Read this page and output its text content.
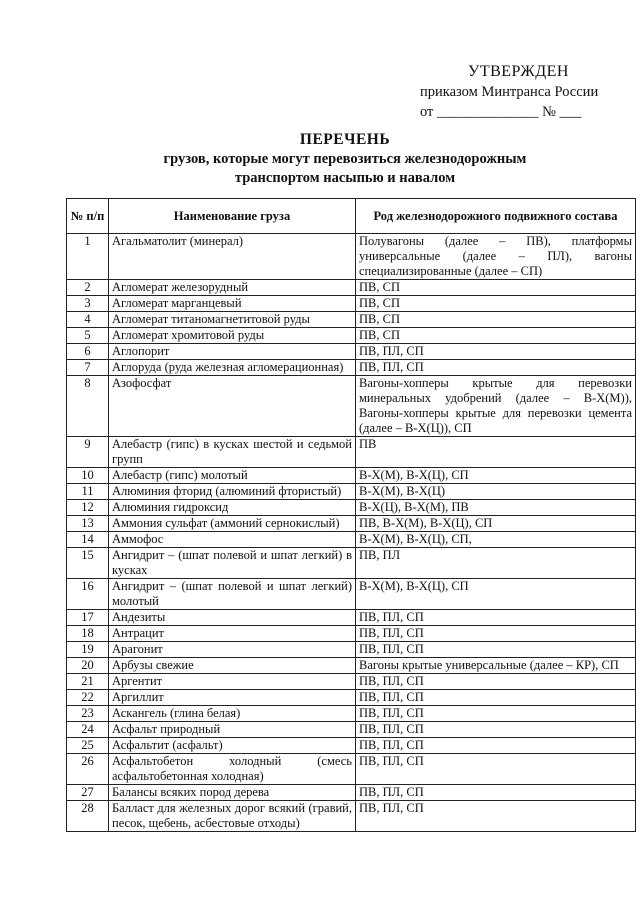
УТВЕРЖДЕН
приказом Минтранса России
от ______________ № ___
ПЕРЕЧЕНЬ
грузов, которые могут перевозиться железнодорожным
транспортом насыпью и навалом
№ п/п	Наименование груза	Род железнодорожного подвижного состава
1	Агальматолит (минерал)	Полувагоны (далее – ПВ), платформы универсальные (далее – ПЛ), вагоны специализированные (далее – СП)
2	Агломерат железорудный	ПВ, СП
3	Агломерат марганцевый	ПВ, СП
4	Агломерат титаномагнетитовой руды	ПВ, СП
5	Агломерат хромитовой руды	ПВ, СП
6	Аглопорит	ПВ, ПЛ, СП
7	Аглоруда (руда железная агломерационная)	ПВ, ПЛ, СП
8	Азофосфат	Вагоны-хопперы крытые для перевозки минеральных удобрений (далее – В-Х(М)), Вагоны-хопперы крытые для перевозки цемента (далее – В-Х(Ц)), СП
9	Алебастр (гипс) в кусках шестой и седьмой групп	ПВ
10	Алебастр (гипс) молотый	В-Х(М), В-Х(Ц), СП
11	Алюминия фторид (алюминий фтористый)	В-Х(М), В-Х(Ц)
12	Алюминия гидроксид	В-Х(Ц), В-Х(М), ПВ
13	Аммония сульфат (аммоний сернокислый)	ПВ, В-Х(М), В-Х(Ц), СП
14	Аммофос	В-Х(М), В-Х(Ц), СП,
15	Ангидрит – (шпат полевой и шпат легкий) в кусках	ПВ, ПЛ
16	Ангидрит – (шпат полевой и шпат легкий) молотый	В-Х(М), В-Х(Ц), СП
17	Андезиты	ПВ, ПЛ, СП
18	Антрацит	ПВ, ПЛ, СП
19	Арагонит	ПВ, ПЛ, СП
20	Арбузы свежие	Вагоны крытые универсальные (далее – КР), СП
21	Аргентит	ПВ, ПЛ, СП
22	Аргиллит	ПВ, ПЛ, СП
23	Аскангель (глина белая)	ПВ, ПЛ, СП
24	Асфальт природный	ПВ, ПЛ, СП
25	Асфальтит (асфальт)	ПВ, ПЛ, СП
26	Асфальтобетон холодный (смесь асфальтобетонная холодная)	ПВ, ПЛ, СП
27	Балансы всяких пород дерева	ПВ, ПЛ, СП
28	Балласт для железных дорог всякий (гравий, песок, щебень, асбестовые отходы)	ПВ, ПЛ, СП
